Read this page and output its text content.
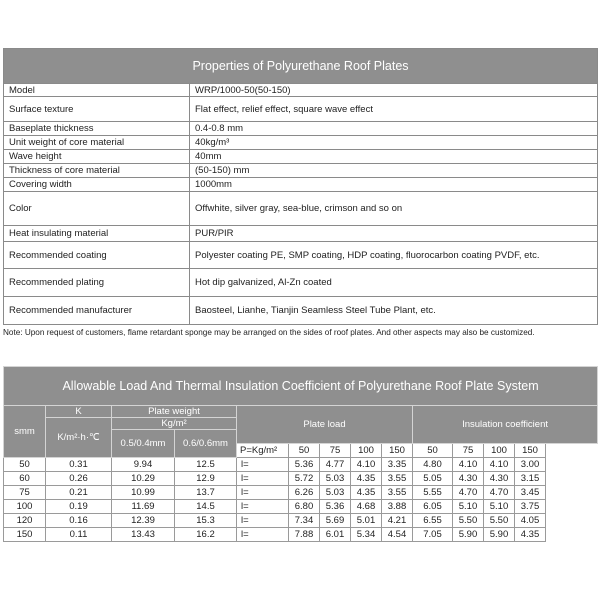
Properties of Polyurethane Roof Plates	
Model	WRP/1000-50(50-150)
Surface texture	Flat effect, relief effect, square wave effect
Baseplate thickness	0.4-0.8 mm
Unit weight of core material	40kg/m³
Wave height	40mm
Thickness of core material	(50-150) mm
Covering width	1000mm
Color	Offwhite, silver gray, sea-blue, crimson and so on
Heat insulating material	PUR/PIR
Recommended coating	Polyester coating PE, SMP coating, HDP coating, fluorocarbon coating PVDF, etc.
Recommended plating	Hot dip galvanized, Al-Zn coated
Recommended manufacturer	Baosteel, Lianhe, Tianjin Seamless Steel Tube Plant, etc.
Note: Upon request of customers, flame retardant sponge may be arranged on the sides of roof plates. And other aspects may also be customized.
Allowable Load And Thermal Insulation Coefficient of Polyurethane Roof Plate System												
smm	K	Plate weight		Plate load					Insulation coefficient			
	K/m²·h·℃	Kg/m²										
		0.5/0.4mm	0.6/0.6mm									
				P=Kg/m²	50	75	100	150	50	75	100	150
50	0.31	9.94	12.5	l=	5.36	4.77	4.10	3.35	4.80	4.10	4.10	3.00
60	0.26	10.29	12.9	l=	5.72	5.03	4.35	3.55	5.05	4.30	4.30	3.15
75	0.21	10.99	13.7	l=	6.26	5.03	4.35	3.55	5.55	4.70	4.70	3.45
100	0.19	11.69	14.5	l=	6.80	5.36	4.68	3.88	6.05	5.10	5.10	3.75
120	0.16	12.39	15.3	l=	7.34	5.69	5.01	4.21	6.55	5.50	5.50	4.05
150	0.11	13.43	16.2	l=	7.88	6.01	5.34	4.54	7.05	5.90	5.90	4.35
